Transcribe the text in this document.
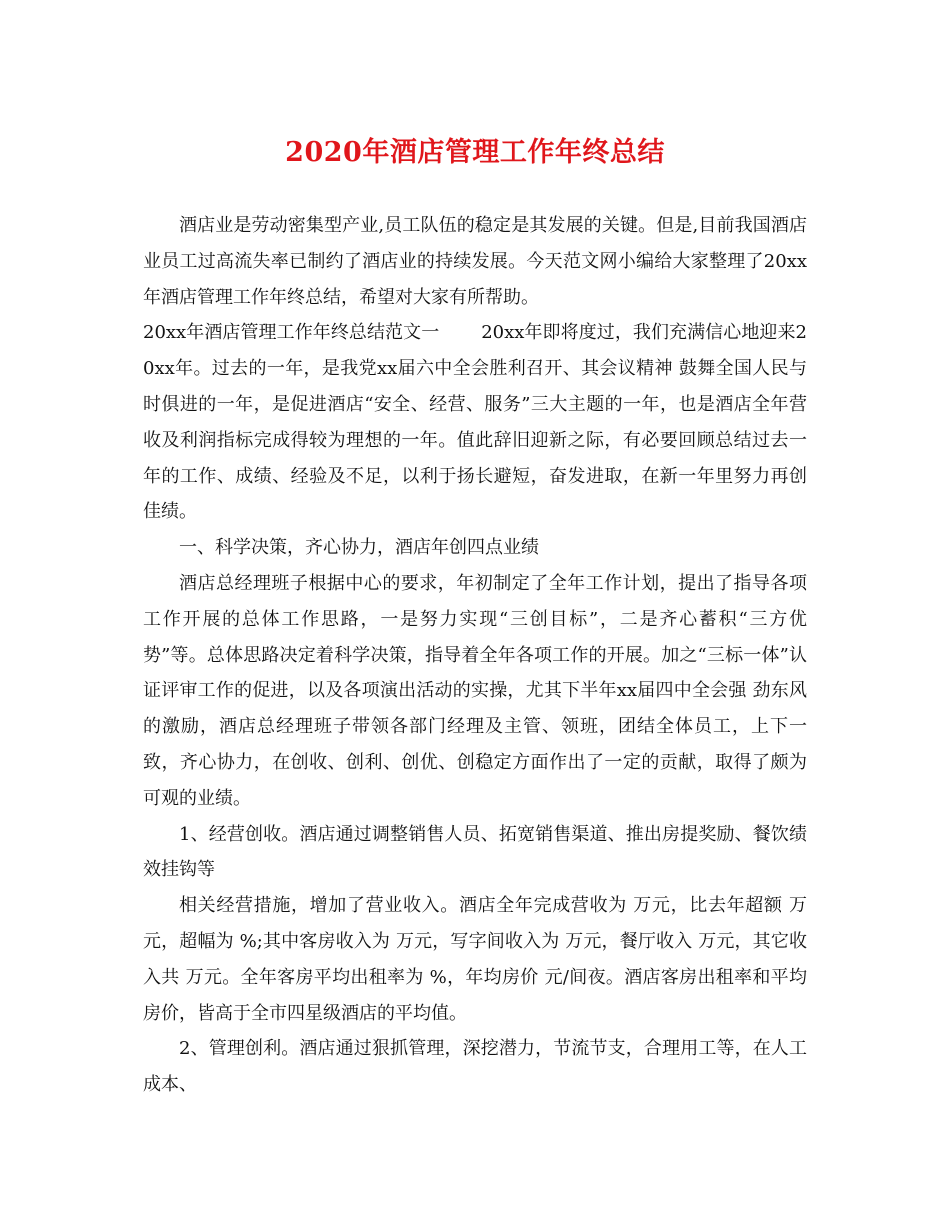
2020年酒店管理工作年终总结

酒店业是劳动密集型产业,员工队伍的稳定是其发展的关键。但是,目前我国酒店业员工过高流失率已制约了酒店业的持续发展。今天范文网小编给大家整理了20xx年酒店管理工作年终总结，希望对大家有所帮助。

20xx年酒店管理工作年终总结范文一　　 20xx年即将度过，我们充满信心地迎来20xx年。过去的一年，是我党xx届六中全会胜利召开、其会议精神 鼓舞全国人民与时俱进的一年，是促进酒店“安全、经营、服务”三大主题的一年，也是酒店全年营收及利润指标完成得较为理想的一年。值此辞旧迎新之际，有必要回顾总结过去一年的工作、成绩、经验及不足，以利于扬长避短，奋发进取，在新一年里努力再创佳绩。

一、科学决策，齐心协力，酒店年创四点业绩

酒店总经理班子根据中心的要求，年初制定了全年工作计划，提出了指导各项工作开展的总体工作思路，一是努力实现“三创目标”，二是齐心蓄积“三方优势”等。总体思路决定着科学决策，指导着全年各项工作的开展。加之“三标一体”认证评审工作的促进，以及各项演出活动的实操，尤其下半年xx届四中全会强 劲东风的激励，酒店总经理班子带领各部门经理及主管、领班，团结全体员工，上下一致，齐心协力，在创收、创利、创优、创稳定方面作出了一定的贡献，取得了颇为可观的业绩。

1、经营创收。酒店通过调整销售人员、拓宽销售渠道、推出房提奖励、餐饮绩效挂钩等

相关经营措施，增加了营业收入。酒店全年完成营收为 万元，比去年超额 万元，超幅为 %;其中客房收入为 万元，写字间收入为 万元，餐厅收入 万元，其它收入共 万元。全年客房平均出租率为 %，年均房价 元/间夜。酒店客房出租率和平均房价，皆高于全市四星级酒店的平均值。

2、管理创利。酒店通过狠抓管理，深挖潜力，节流节支，合理用工等，在人工成本、
